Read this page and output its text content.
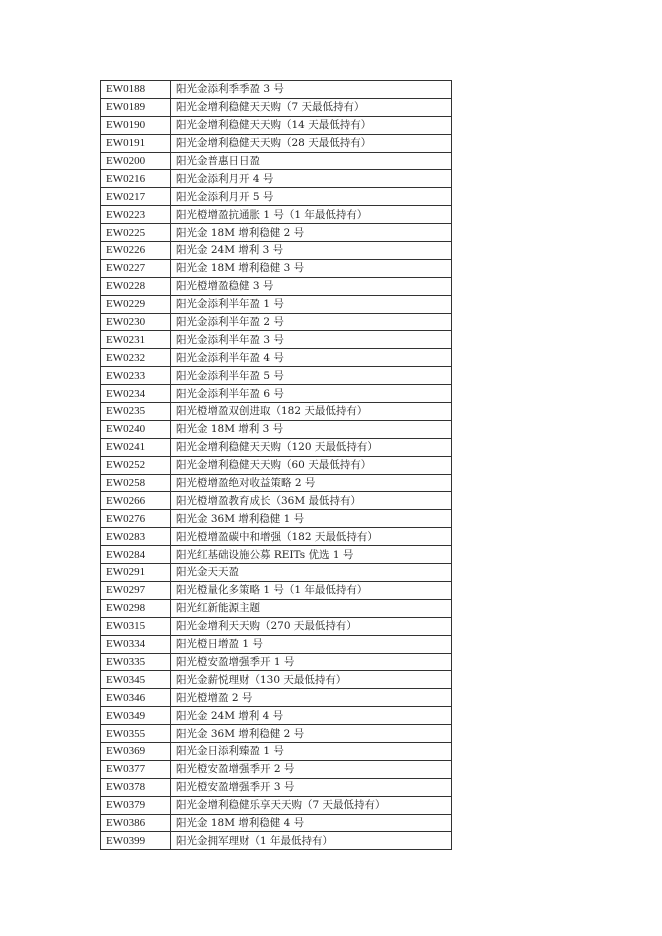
EW0188	阳光金添利季季盈 3 号
EW0189	阳光金增利稳健天天购（7 天最低持有）
EW0190	阳光金增利稳健天天购（14 天最低持有）
EW0191	阳光金增利稳健天天购（28 天最低持有）
EW0200	阳光金普惠日日盈
EW0216	阳光金添利月开 4 号
EW0217	阳光金添利月开 5 号
EW0223	阳光橙增盈抗通胀 1 号（1 年最低持有）
EW0225	阳光金 18M 增利稳健 2 号
EW0226	阳光金 24M 增利 3 号
EW0227	阳光金 18M 增利稳健 3 号
EW0228	阳光橙增盈稳健 3 号
EW0229	阳光金添利半年盈 1 号
EW0230	阳光金添利半年盈 2 号
EW0231	阳光金添利半年盈 3 号
EW0232	阳光金添利半年盈 4 号
EW0233	阳光金添利半年盈 5 号
EW0234	阳光金添利半年盈 6 号
EW0235	阳光橙增盈双创进取（182 天最低持有）
EW0240	阳光金 18M 增利 3 号
EW0241	阳光金增利稳健天天购（120 天最低持有）
EW0252	阳光金增利稳健天天购（60 天最低持有）
EW0258	阳光橙增盈绝对收益策略 2 号
EW0266	阳光橙增盈教育成长（36M 最低持有）
EW0276	阳光金 36M 增利稳健 1 号
EW0283	阳光橙增盈碳中和增强（182 天最低持有）
EW0284	阳光红基础设施公募 REITs 优选 1 号
EW0291	阳光金天天盈
EW0297	阳光橙量化多策略 1 号（1 年最低持有）
EW0298	阳光红新能源主题
EW0315	阳光金增利天天购（270 天最低持有）
EW0334	阳光橙日增盈 1 号
EW0335	阳光橙安盈增强季开 1 号
EW0345	阳光金薪悦理财（130 天最低持有）
EW0346	阳光橙增盈 2 号
EW0349	阳光金 24M 增利 4 号
EW0355	阳光金 36M 增利稳健 2 号
EW0369	阳光金日添利臻盈 1 号
EW0377	阳光橙安盈增强季开 2 号
EW0378	阳光橙安盈增强季开 3 号
EW0379	阳光金增利稳健乐享天天购（7 天最低持有）
EW0386	阳光金 18M 增利稳健 4 号
EW0399	阳光金拥军理财（1 年最低持有）
